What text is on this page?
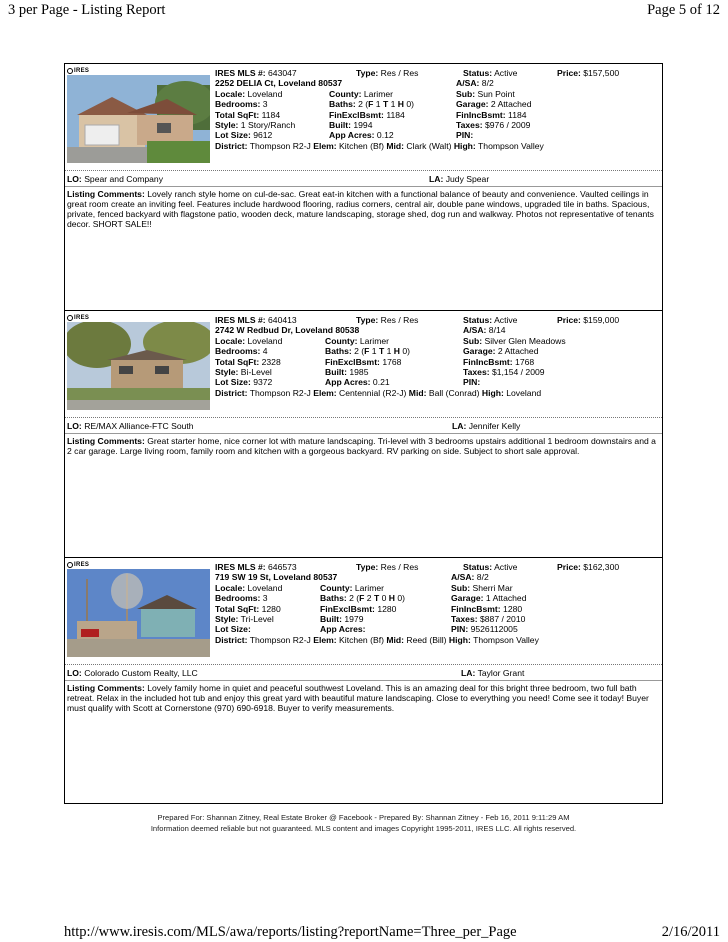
3 per Page - Listing Report	Page 5 of 12
IRES	IRES MLS #: 643047	Type: Res / Res	Status: Active	Price: $157,500
2252 DELIA Ct, Loveland 80537	A/SA: 8/2
Locale: Loveland	County: Larimer	Sub: Sun Point
Bedrooms: 3	Baths: 2 (F 1 T 1 H 0)	Garage: 2 Attached
Total SqFt: 1184	FinExclBsmt: 1184	FinIncBsmt: 1184
Style: 1 Story/Ranch	Built: 1994	Taxes: $976 / 2009
Lot Size: 9612	App Acres: 0.12	PIN:
District: Thompson R2-J Elem: Kitchen (Bf) Mid: Clark (Walt) High: Thompson Valley
LO: Spear and Company	LA: Judy Spear
Listing Comments: Lovely ranch style home on cul-de-sac. Great eat-in kitchen with a functional balance of beauty and convenience. Vaulted ceilings in great room create an inviting feel. Features include hardwood flooring, radius corners, central air, double pane windows, upgraded tile in baths. Spacious, private, fenced backyard with flagstone patio, wooden deck, mature landscaping, storage shed, dog run and walkway. Photos not representative of tenants decor. SHORT SALE!!
IRES	IRES MLS #: 640413	Type: Res / Res	Status: Active	Price: $159,000
2742 W Redbud Dr, Loveland 80538	A/SA: 8/14
Locale: Loveland	County: Larimer	Sub: Silver Glen Meadows
Bedrooms: 4	Baths: 2 (F 1 T 1 H 0)	Garage: 2 Attached
Total SqFt: 2328	FinExclBsmt: 1768	FinIncBsmt: 1768
Style: Bi-Level	Built: 1985	Taxes: $1,154 / 2009
Lot Size: 9372	App Acres: 0.21	PIN:
District: Thompson R2-J Elem: Centennial (R2-J) Mid: Ball (Conrad) High: Loveland
LO: RE/MAX Alliance-FTC South	LA: Jennifer Kelly
Listing Comments: Great starter home, nice corner lot with mature landscaping. Tri-level with 3 bedrooms upstairs additional 1 bedroom downstairs and a 2 car garage. Large living room, family room and kitchen with a gorgeous backyard. RV parking on side. Subject to short sale approval.
IRES	IRES MLS #: 646573	Type: Res / Res	Status: Active	Price: $162,300
719 SW 19 St, Loveland 80537	A/SA: 8/2
Locale: Loveland	County: Larimer	Sub: Sherri Mar
Bedrooms: 3	Baths: 2 (F 2 T 0 H 0)	Garage: 1 Attached
Total SqFt: 1280	FinExclBsmt: 1280	FinIncBsmt: 1280
Style: Tri-Level	Built: 1979	Taxes: $887 / 2010
Lot Size:	App Acres:	PIN: 9526112005
District: Thompson R2-J Elem: Kitchen (Bf) Mid: Reed (Bill) High: Thompson Valley
LO: Colorado Custom Realty, LLC	LA: Taylor Grant
Listing Comments: Lovely family home in quiet and peaceful southwest Loveland. This is an amazing deal for this bright three bedroom, two full bath retreat. Relax in the included hot tub and enjoy this great yard with beautiful mature landscaping. Close to everything you need! Come see it today! Buyer must qualify with Scott at Cornerstone (970) 690-6918. Buyer to verify measurements.
Prepared For: Shannan Zitney, Real Estate Broker @ Facebook - Prepared By: Shannan Zitney - Feb 16, 2011 9:11:29 AM
Information deemed reliable but not guaranteed. MLS content and images Copyright 1995-2011, IRES LLC. All rights reserved.
http://www.iresis.com/MLS/awa/reports/listing?reportName=Three_per_Page	2/16/2011
